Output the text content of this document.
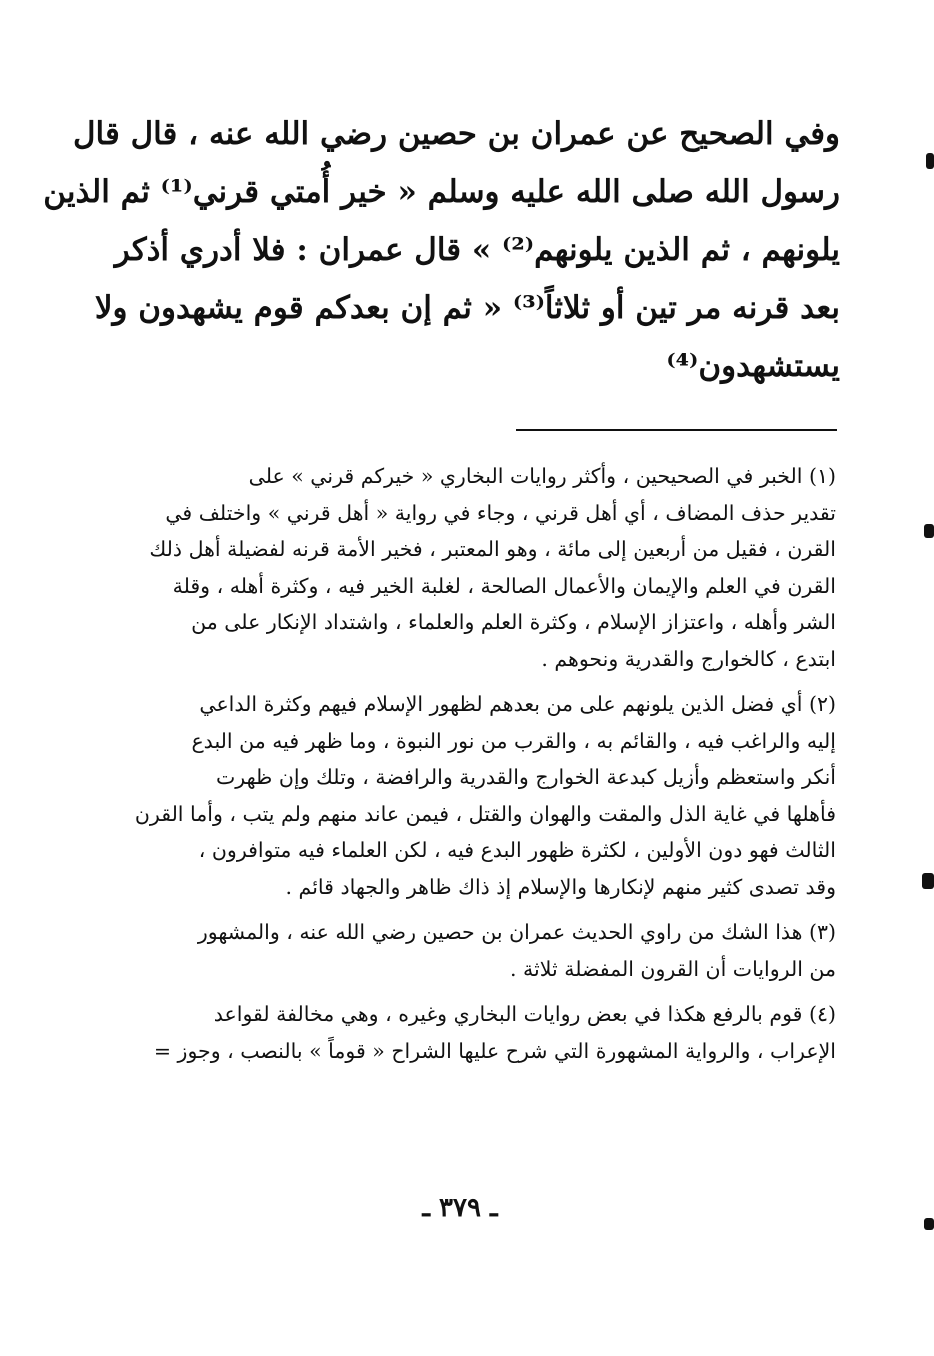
وفي الصحيح عن عمران بن حصين رضي الله عنه ، قال قال
رسول الله صلى الله عليه وسلم « خير أُمتي قرني⁽¹⁾ ثم الذين
يلونهم ، ثم الذين يلونهم⁽²⁾ » قال عمران : فلا أدري أذكر
بعد قرنه مر تين أو ثلاثاً⁽³⁾ « ثم إن بعدكم قوم يشهدون ولا
يستشهدون⁽⁴⁾
(١) الخبر في الصحيحين ، وأكثر روايات البخاري « خيركم قرني » على
تقدير حذف المضاف ، أي أهل قرني ، وجاء في رواية « أهل قرني » واختلف في
القرن ، فقيل من أربعين إلى مائة ، وهو المعتبر ، فخير الأمة قرنه لفضيلة أهل ذلك
القرن في العلم والإيمان والأعمال الصالحة ، لغلبة الخير فيه ، وكثرة أهله ، وقلة
الشر وأهله ، واعتزاز الإسلام ، وكثرة العلم والعلماء ، واشتداد الإنكار على من
ابتدع ، كالخوارج والقدرية ونحوهم .
(٢) أي فضل الذين يلونهم على من بعدهم لظهور الإسلام فيهم وكثرة الداعي
إليه والراغب فيه ، والقائم به ، والقرب من نور النبوة ، وما ظهر فيه من البدع
أنكر واستعظم وأزيل كبدعة الخوارج والقدرية والرافضة ، وتلك وإن ظهرت
فأهلها في غاية الذل والمقت والهوان والقتل ، فيمن عاند منهم ولم يتب ، وأما القرن
الثالث فهو دون الأولين ، لكثرة ظهور البدع فيه ، لكن العلماء فيه متوافرون ،
وقد تصدى كثير منهم لإنكارها والإسلام إذ ذاك ظاهر والجهاد قائم .
(٣) هذا الشك من راوي الحديث عمران بن حصين رضي الله عنه ، والمشهور
من الروايات أن القرون المفضلة ثلاثة .
(٤) قوم بالرفع هكذا في بعض روايات البخاري وغيره ، وهي مخالفة لقواعد
الإعراب ، والرواية المشهورة التي شرح عليها الشراح « قوماً » بالنصب ، وجوز =
ـ ٣٧٩ ـ
